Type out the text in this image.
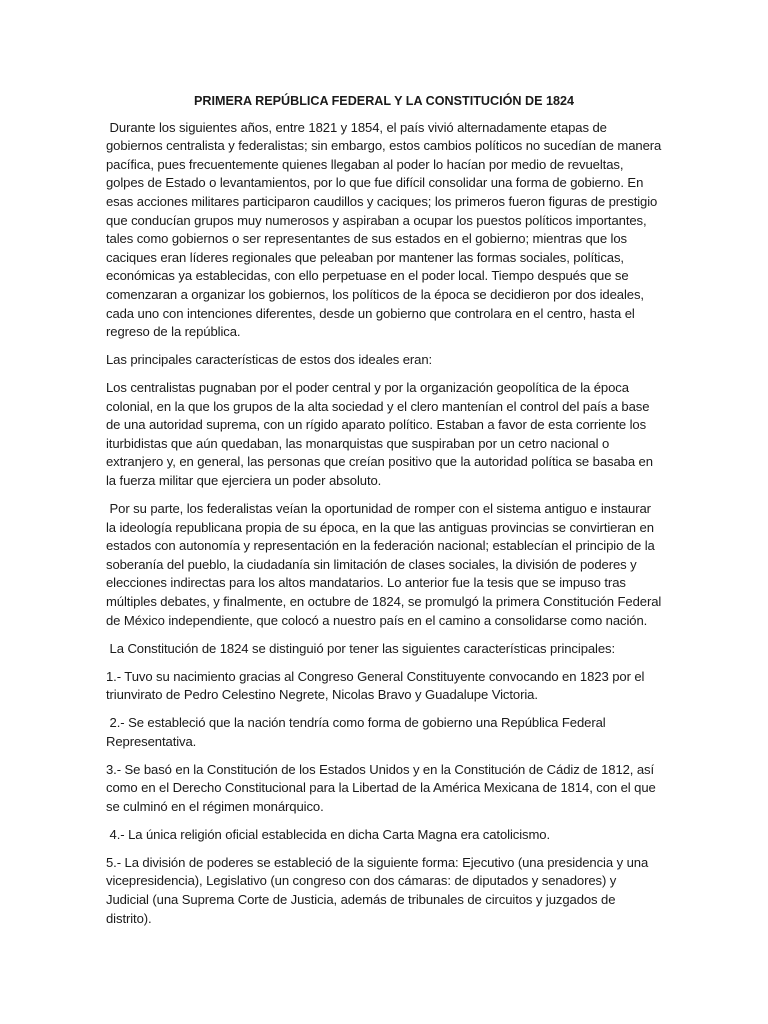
PRIMERA REPÚBLICA FEDERAL Y LA CONSTITUCIÓN DE 1824

Durante los siguientes años, entre 1821 y 1854, el país vivió alternadamente etapas de gobiernos centralista y federalistas; sin embargo, estos cambios políticos no sucedían de manera pacífica, pues frecuentemente quienes llegaban al poder lo hacían por medio de revueltas, golpes de Estado o levantamientos, por lo que fue difícil consolidar una forma de gobierno. En esas acciones militares participaron caudillos y caciques; los primeros fueron figuras de prestigio que conducían grupos muy numerosos y aspiraban a ocupar los puestos políticos importantes, tales como gobiernos o ser representantes de sus estados en el gobierno; mientras que los caciques eran líderes regionales que peleaban por mantener las formas sociales, políticas, económicas ya establecidas, con ello perpetuase en el poder local. Tiempo después que se comenzaran a organizar los gobiernos, los políticos de la época se decidieron por dos ideales, cada uno con intenciones diferentes, desde un gobierno que controlara en el centro, hasta el regreso de la república.

Las principales características de estos dos ideales eran:

Los centralistas pugnaban por el poder central y por la organización geopolítica de la época colonial, en la que los grupos de la alta sociedad y el clero mantenían el control del país a base de una autoridad suprema, con un rígido aparato político. Estaban a favor de esta corriente los iturbidistas que aún quedaban, las monarquistas que suspiraban por un cetro nacional o extranjero y, en general, las personas que creían positivo que la autoridad política se basaba en la fuerza militar que ejerciera un poder absoluto.

Por su parte, los federalistas veían la oportunidad de romper con el sistema antiguo e instaurar la ideología republicana propia de su época, en la que las antiguas provincias se convirtieran en estados con autonomía y representación en la federación nacional; establecían el principio de la soberanía del pueblo, la ciudadanía sin limitación de clases sociales, la división de poderes y elecciones indirectas para los altos mandatarios. Lo anterior fue la tesis que se impuso tras múltiples debates, y finalmente, en octubre de 1824, se promulgó la primera Constitución Federal de México independiente, que colocó a nuestro país en el camino a consolidarse como nación.

La Constitución de 1824 se distinguió por tener las siguientes características principales:

1.- Tuvo su nacimiento gracias al Congreso General Constituyente convocando en 1823 por el triunvirato de Pedro Celestino Negrete, Nicolas Bravo y Guadalupe Victoria.

2.- Se estableció que la nación tendría como forma de gobierno una República Federal Representativa.

3.- Se basó en la Constitución de los Estados Unidos y en la Constitución de Cádiz de 1812, así como en el Derecho Constitucional para la Libertad de la América Mexicana de 1814, con el que se culminó en el régimen monárquico.

4.- La única religión oficial establecida en dicha Carta Magna era catolicismo.

5.- La división de poderes se estableció de la siguiente forma: Ejecutivo (una presidencia y una vicepresidencia), Legislativo (un congreso con dos cámaras: de diputados y senadores) y Judicial (una Suprema Corte de Justicia, además de tribunales de circuitos y juzgados de distrito).
